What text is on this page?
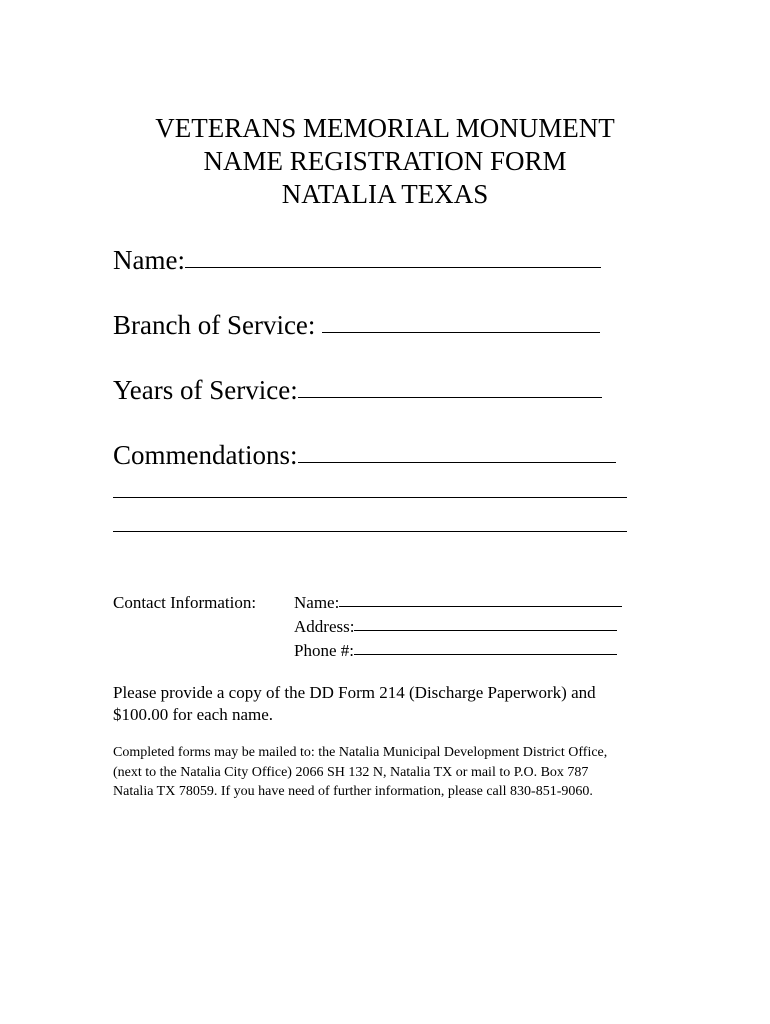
VETERANS MEMORIAL MONUMENT
NAME REGISTRATION FORM
NATALIA TEXAS
Name:
Branch of Service:
Years of Service:
Commendations:
Contact Information: Name:
Address:
Phone #:
Please provide a copy of the DD Form 214 (Discharge Paperwork) and
$100.00 for each name.
Completed forms may be mailed to: the Natalia Municipal Development District Office,
(next to the Natalia City Office) 2066 SH 132 N, Natalia TX or mail to P.O. Box 787
Natalia TX 78059. If you have need of further information, please call 830-851-9060.
